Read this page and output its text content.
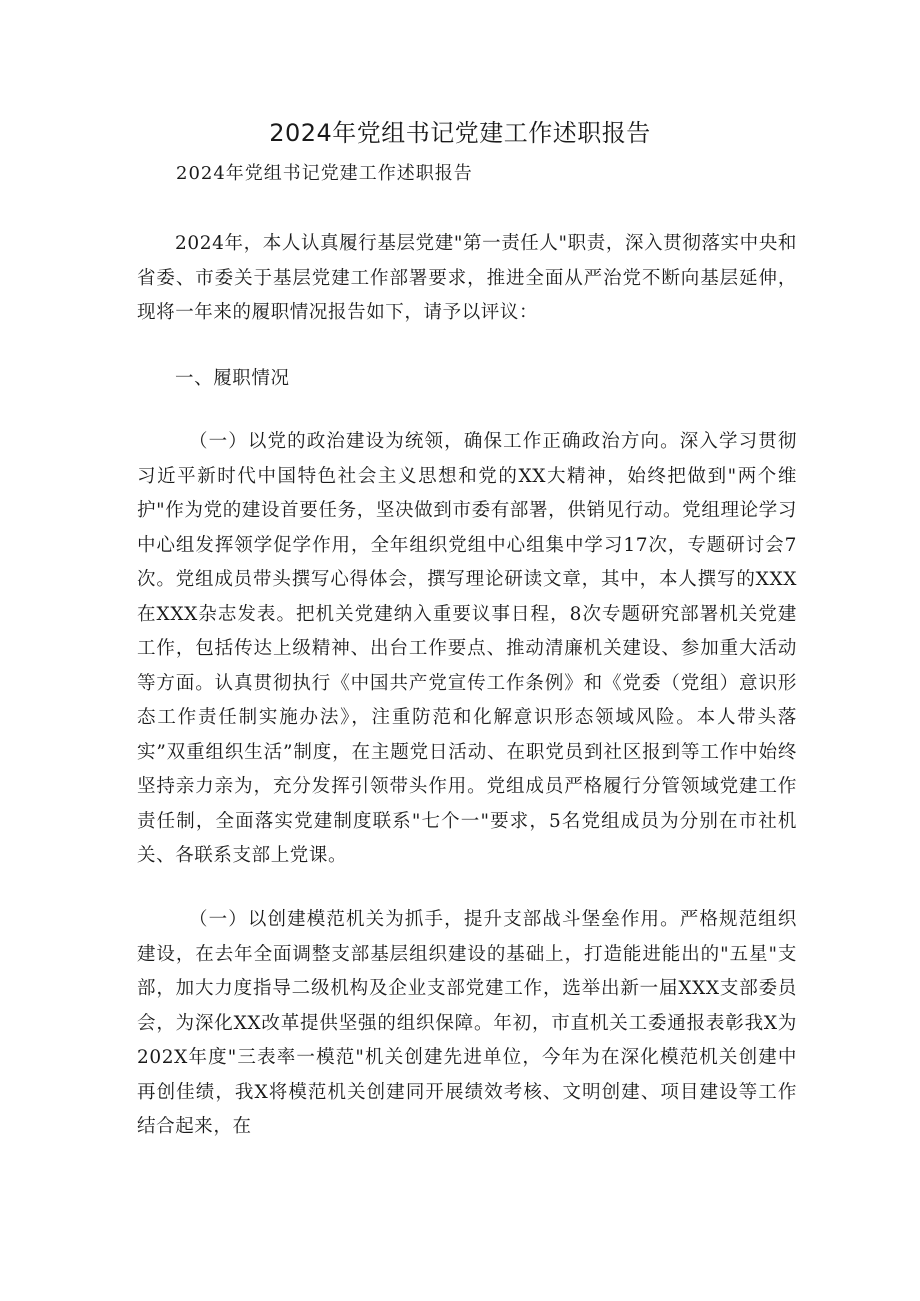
2024年党组书记党建工作述职报告

2024年党组书记党建工作述职报告

2024年，本人认真履行基层党建"第一责任人"职责，深入贯彻落实中央和省委、市委关于基层党建工作部署要求，推进全面从严治党不断向基层延伸，现将一年来的履职情况报告如下，请予以评议：

一、履职情况

（一）以党的政治建设为统领，确保工作正确政治方向。深入学习贯彻习近平新时代中国特色社会主义思想和党的XX大精神，始终把做到"两个维护"作为党的建设首要任务，坚决做到市委有部署，供销见行动。党组理论学习中心组发挥领学促学作用，全年组织党组中心组集中学习17次，专题研讨会7次。党组成员带头撰写心得体会，撰写理论研读文章，其中，本人撰写的XXX在XXX杂志发表。把机关党建纳入重要议事日程，8次专题研究部署机关党建工作，包括传达上级精神、出台工作要点、推动清廉机关建设、参加重大活动等方面。认真贯彻执行《中国共产党宣传工作条例》和《党委（党组）意识形态工作责任制实施办法》，注重防范和化解意识形态领域风险。本人带头落实”双重组织生活”制度，在主题党日活动、在职党员到社区报到等工作中始终坚持亲力亲为，充分发挥引领带头作用。党组成员严格履行分管领域党建工作责任制，全面落实党建制度联系"七个一"要求，5名党组成员为分别在市社机关、各联系支部上党课。

（一）以创建模范机关为抓手，提升支部战斗堡垒作用。严格规范组织建设，在去年全面调整支部基层组织建设的基础上，打造能进能出的"五星"支部，加大力度指导二级机构及企业支部党建工作，选举出新一届XXX支部委员会，为深化XX改革提供坚强的组织保障。年初，市直机关工委通报表彰我X为202X年度"三表率一模范"机关创建先进单位，今年为在深化模范机关创建中再创佳绩，我X将模范机关创建同开展绩效考核、文明创建、项目建设等工作结合起来，在
